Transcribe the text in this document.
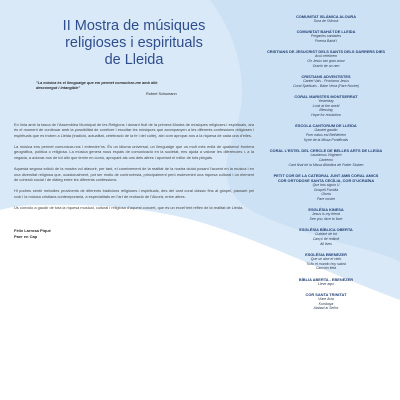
II Mostra de músiques
religioses i espirituals
de Lleida
"La música és el llenguatge que em permet comunicar-me amb allò
desconegut i intangible"
Robert Schumann

En línia amb la tasca de l’Assemblea Municipal de les Religions i donant fruit de la primera Mostra de músiques religioses i espirituals, ara és el moment de continuar amb la possibilitat de conèixer i escoltar les músiques que acompanyen a les diferents confessions religioses i espirituals que es troben a Lleida (tradició, actualitat, celebració de la fe i del culte), així com apropar-nos a la riquesa de cada una d’elles.

La música ens permet comunicar-nos i entendre’ns. És un idioma universal, un llenguatge que va molt més enllà de qualsevol frontera geogràfica, política o religiosa. La música genera nous espais de comunicació en la societat, ens ajuda a valorar les diferències i, a la vegada, a adonar-nos de tot allò que tenim en comú, apropant als uns dels altres i aportant el millor de tots plegats.

Aquesta segona edició de la mostra vol afavorir, per tant, el coneixement de la realitat de la nostra ciutat posant l’accent en la música i en una diversitat religiosa que, ocasionalment, pot ser motiu de controvèrsia, principalment però esdevenint una riquesa cultural i un element de cohesió social i de diàleg entre les diferents confessions.

Hi podreu sentir melodies provinents de diferents tradicions religioses i espirituals, des del cant coral clàssic fins al gòspel, passant pel rock i la música cristiana contemporània, a especialitats en l’art de recitació de l’Alcorà, entre altres.

Us convido a gaudir de tota la riquesa musical, cultural i religiosa d’aquest concert, que és un excel·lent reflex de la realitat de Lleida.

Fèlix Larrosa Piqué
Paer en Cap
COMUNITAT ISLÀMICA ALOURA
Sura de l’Alcorà
COMUNITAT BAHÁ’Í DE LLEIDA
Pregaries cantades
Poema Bahá’í
CRISTIANS DE JESUCRIST DELS SANTS DELS DARRERS DIES
Avui celebrem
Oh Jesús tan gran amor
Oració de un nen
CRISTIANS ADVENTISTES
Cantet Vals - Proclama Jesús
Coral Spirituals - Babe Vena (Pare Nostre)
CORAL MARISTES MONTSERRAT
Yesterday
Look at the world
Blessing
Hope for resolution
ESCOLA CANTORUM DE LLEIDA
Gaudet gaudio
Puer natus est Bethlehem
Kyrie de la Missa Pontificalis
CORAL L’ESTEL DEL CERCLE DE BELLES ARTS DE LLEIDA
Laudamus Virginem
Cantemo
Cant final de la Missa Atlàntica de Frater Stuben
PETIT COR DE LA CATEDRAL JUNT AMB CORAL AMICS
COR ORTODOXE SANTA CECÍLIA, COR D’UCRAÏNA
Que tots siguin U
Gospell Família
Gloria
Pare nostre
ESGLÉSIA KINESA
Jesus is my friend
See you, face to face
ESGLÉSIA BÍBLICA OBERTA
Cuidaré de tot
Cançó de redimit
All lives
ESGLÉSIA EBENEZER
Que se alce el cielo
Tú/tu el mundo hoy sabrá
Canción fiela
BÍBLIA ABERTA - EBENEZER
Lléve aqui
COR SANTA TRINITAT
Viare Avia
Kumbaya
Alabad al Señor
